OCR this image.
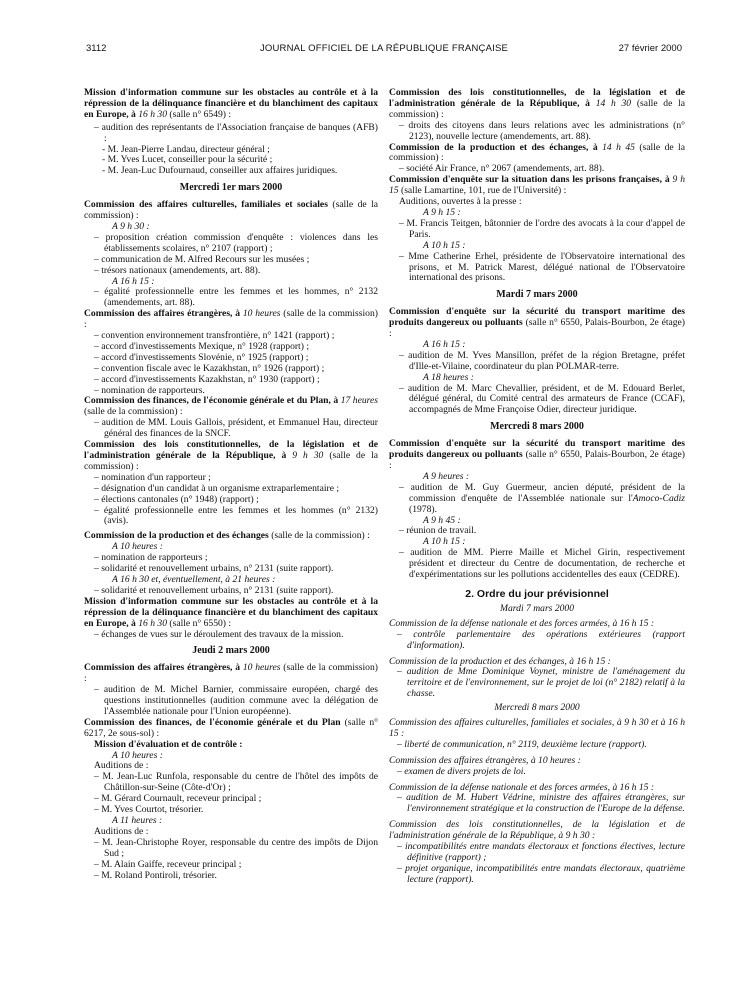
3112	JOURNAL OFFICIEL DE LA RÉPUBLIQUE FRANÇAISE	27 février 2000
Mission d'information commune sur les obstacles au contrôle et à la répression de la délinquance financière et du blanchiment des capitaux en Europe, à 16 h 30 (salle n° 6549) :
– audition des représentants de l'Association française de banques (AFB) :
- M. Jean-Pierre Landau, directeur général ;
- M. Yves Lucet, conseiller pour la sécurité ;
- M. Jean-Luc Dufournaud, conseiller aux affaires juridiques.
Mercredi 1er mars 2000
Commission des affaires culturelles, familiales et sociales (salle de la commission) :
A 9 h 30 :
– proposition création commission d'enquête : violences dans les établissements scolaires, n° 2107 (rapport) ;
– communication de M. Alfred Recours sur les musées ;
– trésors nationaux (amendements, art. 88).
A 16 h 15 :
– égalité professionnelle entre les femmes et les hommes, n° 2132 (amendements, art. 88).
Commission des affaires étrangères, à 10 heures (salle de la commission) :
– convention environnement transfrontière, n° 1421 (rapport) ;
– accord d'investissements Mexique, n° 1928 (rapport) ;
– accord d'investissements Slovénie, n° 1925 (rapport) ;
– convention fiscale avec le Kazakhstan, n° 1926 (rapport) ;
– accord d'investissements Kazakhstan, n° 1930 (rapport) ;
– nomination de rapporteurs.
Commission des finances, de l'économie générale et du Plan, à 17 heures (salle de la commission) :
– audition de MM. Louis Gallois, président, et Emmanuel Hau, directeur général des finances de la SNCF.
Commission des lois constitutionnelles, de la législation et de l'administration générale de la République, à 9 h 30 (salle de la commission) :
– nomination d'un rapporteur ;
– désignation d'un candidat à un organisme extraparlementaire ;
– élections cantonales (n° 1948) (rapport) ;
– égalité professionnelle entre les femmes et les hommes (n° 2132) (avis).
Commission de la production et des échanges (salle de la commission) :
A 10 heures :
– nomination de rapporteurs ;
– solidarité et renouvellement urbains, n° 2131 (suite rapport).
A 16 h 30 et, éventuellement, à 21 heures :
– solidarité et renouvellement urbains, n° 2131 (suite rapport).
Mission d'information commune sur les obstacles au contrôle et à la répression de la délinquance financière et du blanchiment des capitaux en Europe, à 16 h 30 (salle n° 6550) :
– échanges de vues sur le déroulement des travaux de la mission.
Jeudi 2 mars 2000
Commission des affaires étrangères, à 10 heures (salle de la commission) :
– audition de M. Michel Barnier, commissaire européen, chargé des questions institutionnelles (audition commune avec la délégation de l'Assemblée nationale pour l'Union européenne).
Commission des finances, de l'économie générale et du Plan (salle n° 6217, 2e sous-sol) :
Mission d'évaluation et de contrôle :
A 10 heures :
Auditions de :
– M. Jean-Luc Runfola, responsable du centre de l'hôtel des impôts de Châtillon-sur-Seine (Côte-d'Or) ;
– M. Gérard Cournault, receveur principal ;
– M. Yves Courtot, trésorier.
A 11 heures :
Auditions de :
– M. Jean-Christophe Royer, responsable du centre des impôts de Dijon Sud ;
– M. Alain Gaiffe, receveur principal ;
– M. Roland Pontiroli, trésorier.
Commission des lois constitutionnelles, de la législation et de l'administration générale de la République, à 14 h 30 (salle de la commission) :
– droits des citoyens dans leurs relations avec les administrations (n° 2123), nouvelle lecture (amendements, art. 88).
Commission de la production et des échanges, à 14 h 45 (salle de la commission) :
– société Air France, n° 2067 (amendements, art. 88).
Commission d'enquête sur la situation dans les prisons françaises, à 9 h 15 (salle Lamartine, 101, rue de l'Université) :
Auditions, ouvertes à la presse :
A 9 h 15 :
– M. Francis Teitgen, bâtonnier de l'ordre des avocats à la cour d'appel de Paris.
A 10 h 15 :
– Mme Catherine Erhel, présidente de l'Observatoire international des prisons, et M. Patrick Marest, délégué national de l'Observatoire international des prisons.
Mardi 7 mars 2000
Commission d'enquête sur la sécurité du transport maritime des produits dangereux ou polluants (salle n° 6550, Palais-Bourbon, 2e étage) :
A 16 h 15 :
– audition de M. Yves Mansillon, préfet de la région Bretagne, préfet d'Ille-et-Vilaine, coordinateur du plan POLMAR-terre.
A 18 heures :
– audition de M. Marc Chevallier, président, et de M. Edouard Berlet, délégué général, du Comité central des armateurs de France (CCAF), accompagnés de Mme Françoise Odier, directeur juridique.
Mercredi 8 mars 2000
Commission d'enquête sur la sécurité du transport maritime des produits dangereux ou polluants (salle n° 6550, Palais-Bourbon, 2e étage) :
A 9 heures :
– audition de M. Guy Guermeur, ancien député, président de la commission d'enquête de l'Assemblée nationale sur l'Amoco-Cadiz (1978).
A 9 h 45 :
– réunion de travail.
A 10 h 15 :
– audition de MM. Pierre Maille et Michel Girin, respectivement président et directeur du Centre de documentation, de recherche et d'expérimentations sur les pollutions accidentelles des eaux (CEDRE).
2. Ordre du jour prévisionnel
Mardi 7 mars 2000
Commission de la défense nationale et des forces armées, à 16 h 15 :
– contrôle parlementaire des opérations extérieures (rapport d'information).
Commission de la production et des échanges, à 16 h 15 :
– audition de Mme Dominique Voynet, ministre de l'aménagement du territoire et de l'environnement, sur le projet de loi (n° 2182) relatif à la chasse.
Mercredi 8 mars 2000
Commission des affaires culturelles, familiales et sociales, à 9 h 30 et à 16 h 15 :
– liberté de communication, n° 2119, deuxième lecture (rapport).
Commission des affaires étrangères, à 10 heures :
– examen de divers projets de loi.
Commission de la défense nationale et des forces armées, à 16 h 15 :
– audition de M. Hubert Védrine, ministre des affaires étrangères, sur l'environnement stratégique et la construction de l'Europe de la défense.
Commission des lois constitutionnelles, de la législation et de l'administration générale de la République, à 9 h 30 :
– incompatibilités entre mandats électoraux et fonctions électives, lecture définitive (rapport) ;
– projet organique, incompatibilités entre mandats électoraux, quatrième lecture (rapport).
